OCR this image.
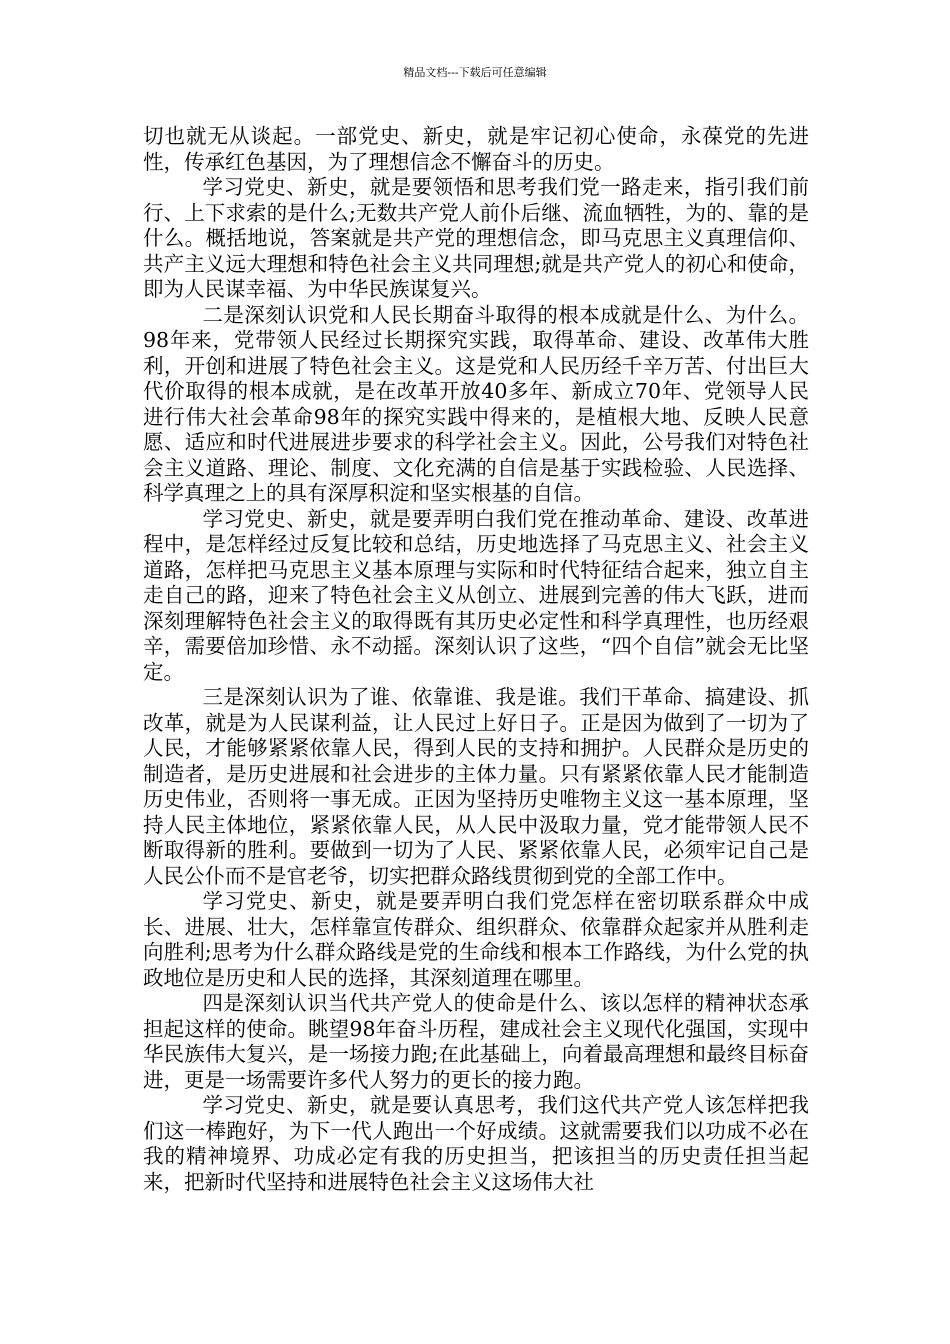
精品文档---下载后可任意编辑

切也就无从谈起。一部党史、新史，就是牢记初心使命，永葆党的先进性，传承红色基因，为了理想信念不懈奋斗的历史。

学习党史、新史，就是要领悟和思考我们党一路走来，指引我们前行、上下求索的是什么;无数共产党人前仆后继、流血牺牲，为的、靠的是什么。概括地说，答案就是共产党的理想信念，即马克思主义真理信仰、共产主义远大理想和特色社会主义共同理想;就是共产党人的初心和使命，即为人民谋幸福、为中华民族谋复兴。

二是深刻认识党和人民长期奋斗取得的根本成就是什么、为什么。98年来，党带领人民经过长期探究实践，取得革命、建设、改革伟大胜利，开创和进展了特色社会主义。这是党和人民历经千辛万苦、付出巨大代价取得的根本成就，是在改革开放40多年、新成立70年、党领导人民进行伟大社会革命98年的探究实践中得来的，是植根大地、反映人民意愿、适应和时代进展进步要求的科学社会主义。因此，公号我们对特色社会主义道路、理论、制度、文化充满的自信是基于实践检验、人民选择、科学真理之上的具有深厚积淀和坚实根基的自信。

学习党史、新史，就是要弄明白我们党在推动革命、建设、改革进程中，是怎样经过反复比较和总结，历史地选择了马克思主义、社会主义道路，怎样把马克思主义基本原理与实际和时代特征结合起来，独立自主走自己的路，迎来了特色社会主义从创立、进展到完善的伟大飞跃，进而深刻理解特色社会主义的取得既有其历史必定性和科学真理性，也历经艰辛，需要倍加珍惜、永不动摇。深刻认识了这些，“四个自信”就会无比坚定。

三是深刻认识为了谁、依靠谁、我是谁。我们干革命、搞建设、抓改革，就是为人民谋利益，让人民过上好日子。正是因为做到了一切为了人民，才能够紧紧依靠人民，得到人民的支持和拥护。人民群众是历史的制造者，是历史进展和社会进步的主体力量。只有紧紧依靠人民才能制造历史伟业，否则将一事无成。正因为坚持历史唯物主义这一基本原理，坚持人民主体地位，紧紧依靠人民，从人民中汲取力量，党才能带领人民不断取得新的胜利。要做到一切为了人民、紧紧依靠人民，必须牢记自己是人民公仆而不是官老爷，切实把群众路线贯彻到党的全部工作中。

学习党史、新史，就是要弄明白我们党怎样在密切联系群众中成长、进展、壮大，怎样靠宣传群众、组织群众、依靠群众起家并从胜利走向胜利;思考为什么群众路线是党的生命线和根本工作路线，为什么党的执政地位是历史和人民的选择，其深刻道理在哪里。

四是深刻认识当代共产党人的使命是什么、该以怎样的精神状态承担起这样的使命。眺望98年奋斗历程，建成社会主义现代化强国，实现中华民族伟大复兴，是一场接力跑;在此基础上，向着最高理想和最终目标奋进，更是一场需要许多代人努力的更长的接力跑。

学习党史、新史，就是要认真思考，我们这代共产党人该怎样把我们这一棒跑好，为下一代人跑出一个好成绩。这就需要我们以功成不必在我的精神境界、功成必定有我的历史担当，把该担当的历史责任担当起来，把新时代坚持和进展特色社会主义这场伟大社
